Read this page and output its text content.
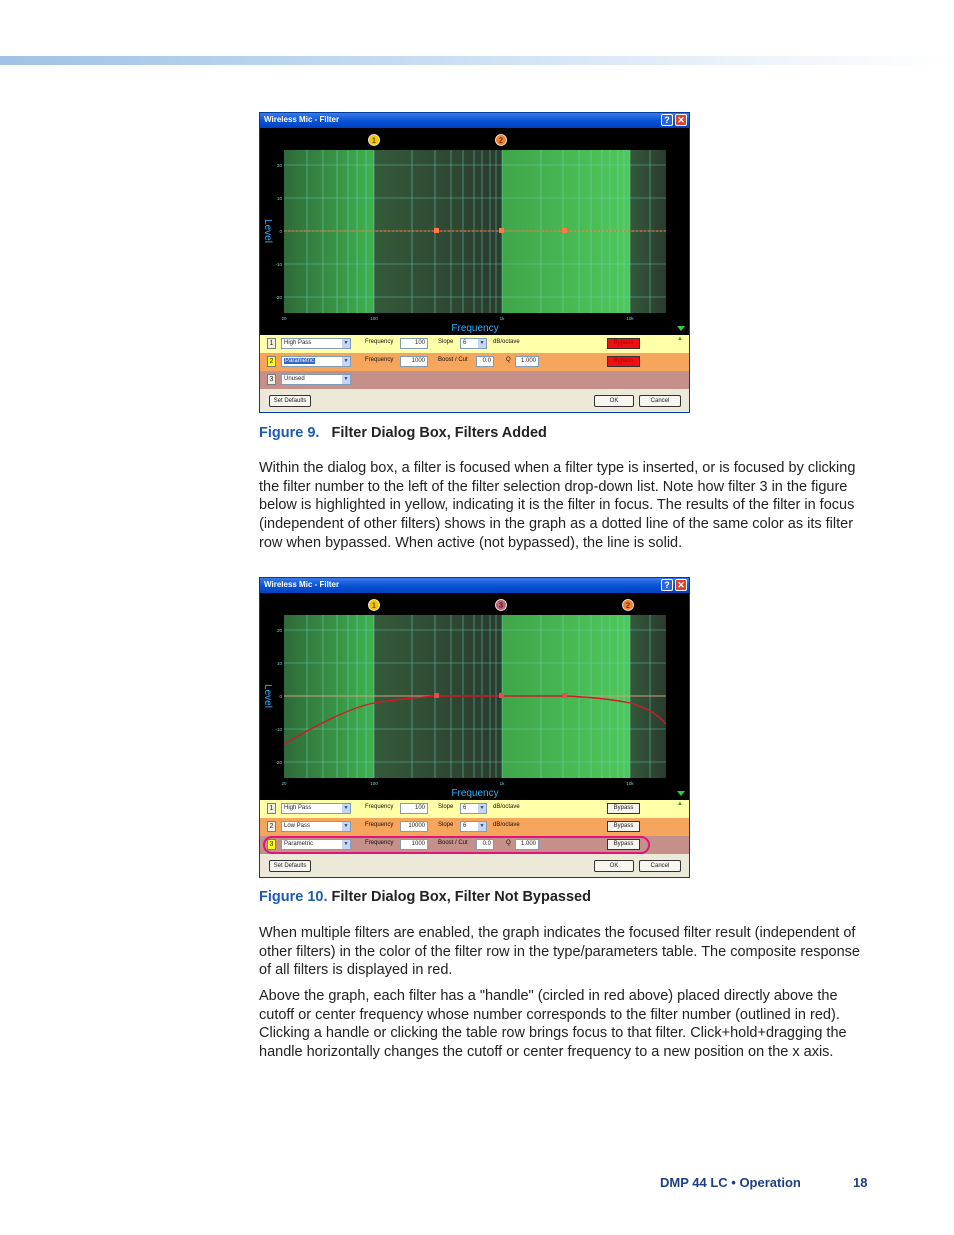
Wireless Mic - Filter	? ✕
1	2
20
10
0
-10
-20
20	100	1k	10k
Level
Frequency
1	High Pass	▼	Frequency	100	Slope	6	▼ dB/octave	Bypass
▲
2	Parametric	▼	Frequency	1000	Boost / Cut	0.0	Q	1.000	Bypass
3	Unused	▼
Set Defaults	OK	Cancel
Figure 9. Filter Dialog Box, Filters Added
Within the dialog box, a filter is focused when a filter type is inserted, or is focused by clicking the filter number to the left of the filter selection drop-down list. Note how filter 3 in the figure below is highlighted in yellow, indicating it is the filter in focus. The results of the filter in focus (independent of other filters) shows in the graph as a dotted line of the same color as its filter row when bypassed. When active (not bypassed), the line is solid.
Wireless Mic - Filter	? ✕
1	3	2
20
10
0
-10
-20
20	100	1k	10k
Level
Frequency
1	High Pass	▼	Frequency	100	Slope	6	▼ dB/octave	Bypass
▲
2	Low Pass	▼	Frequency	10000	Slope	6	▼ dB/octave	Bypass
3	Parametric	▼	Frequency	1000	Boost / Cut	0.0	Q	1.000	Bypass
Set Defaults	OK	Cancel
Figure 10. Filter Dialog Box, Filter Not Bypassed
When multiple filters are enabled, the graph indicates the focused filter result (independent of other filters) in the color of the filter row in the type/parameters table. The composite response of all filters is displayed in red.
Above the graph, each filter has a "handle" (circled in red above) placed directly above the cutoff or center frequency whose number corresponds to the filter number (outlined in red). Clicking a handle or clicking the table row brings focus to that filter. Click+hold+dragging the handle horizontally changes the cutoff or center frequency to a new position on the x axis.
DMP 44 LC • Operation	18
